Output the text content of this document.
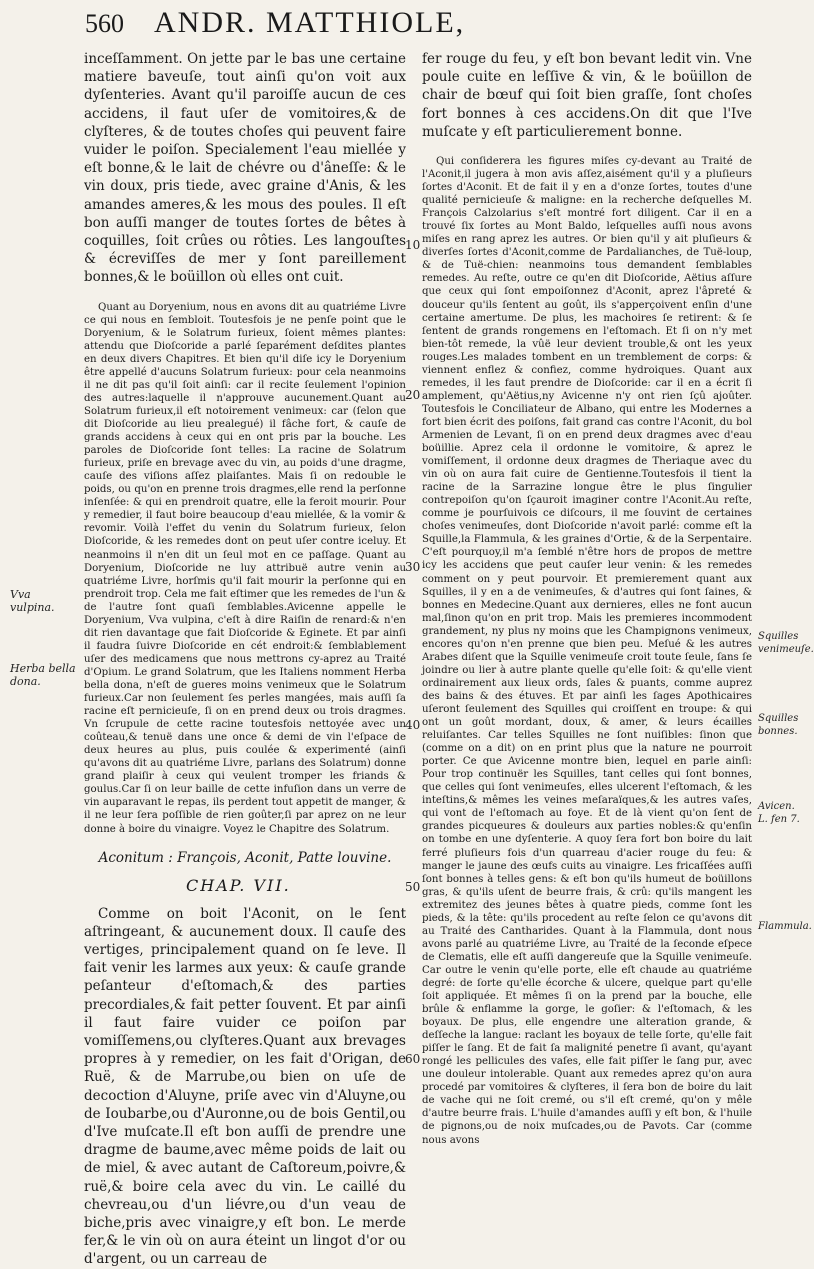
560 ANDR. MATTHIOLE,

inceſſamment. On jette par le bas une certaine matiere baveuſe, tout ainſi qu'on voit aux dyſenteries. Avant qu'il paroiſſe aucun de ces accidens, il faut uſer de vomitoires,& de clyſteres, & de toutes choſes qui peuvent faire vuider le poiſon. Specialement l'eau miellée y eſt bonne,& le lait de chévre ou d'âneſſe: & le vin doux, pris tiede, avec graine d'Anis, & les amandes ameres,& les mous des poules. Il eſt bon auſſi manger de toutes ſortes de bêtes à coquilles, ſoit crûes ou rôties. Les langouſtes & écreviſſes de mer y ſont pareillement bonnes,& le boüillon où elles ont cuit.

Quant au Doryenium, nous en avons dit au quatriéme Livre ce qui nous en ſembloit. Toutesfois je ne penſe point que le Doryenium, & le Solatrum furieux, ſoient mêmes plantes: attendu que Dioſcoride a parlé ſeparément deſdites plantes en deux divers Chapitres. Et bien qu'il diſe icy le Doryenium être appellé d'aucuns Solatrum furieux: pour cela neanmoins il ne dit pas qu'il ſoit ainſi: car il recite ſeulement l'opinion des autres:laquelle il n'approuve aucunement.Quant au Solatrum furieux,il eſt notoirement venimeux: car (ſelon que dit Dioſcoride au lieu prealegué) il fâche fort, & cauſe de grands accidens à ceux qui en ont pris par la bouche. Les paroles de Dioſcoride ſont telles: La racine de Solatrum furieux, priſe en brevage avec du vin, au poids d'une dragme, cauſe des viſions aſſez plaiſantes. Mais ſi on redouble le poids, ou qu'on en prenne trois dragmes,elle rend la perſonne inſenſée: & qui en prendroit quatre, elle la feroit mourir. Pour y remedier, il faut boire beaucoup d'eau miellée, & la vomir & revomir. Voilà l'effet du venin du Solatrum furieux, ſelon Dioſcoride, & les remedes dont on peut uſer contre iceluy. Et neanmoins il n'en dit un ſeul mot en ce paſſage. Quant au Doryenium, Dioſcoride ne luy attribuë autre venin au quatriéme Livre, horſmis qu'il fait mourir la perſonne qui en prendroit trop. Cela me fait eſtimer que les remedes de l'un & de l'autre ſont quaſi ſemblables.Avicenne appelle le Doryenium, Vva vulpina, c'eſt à dire Raiſin de renard:& n'en dit rien davantage que fait Dioſcoride & Eginete. Et par ainſi il faudra ſuivre Dioſcoride en cét endroit:& ſemblablement uſer des medicamens que nous mettrons cy-aprez au Traité d'Opium. Le grand Solatrum, que les Italiens nomment Herba bella dona, n'eſt de gueres moins venimeux que le Solatrum furieux.Car non ſeulement ſes perles mangées, mais auſſi ſa racine eſt pernicieuſe, ſi on en prend deux ou trois dragmes. Vn ſcrupule de cette racine toutesfois nettoyée avec un coûteau,& tenuë dans une once & demi de vin l'eſpace de deux heures au plus, puis coulée & experimenté (ainſi qu'avons dit au quatriéme Livre, parlans des Solatrum) donne grand plaiſir à ceux qui veulent tromper les friands & goulus.Car ſi on leur baille de cette infuſion dans un verre de vin auparavant le repas, ils perdent tout appetit de manger, & il ne leur ſera poſſible de rien goûter,ſi par aprez on ne leur donne à boire du vinaigre. Voyez le Chapitre des Solatrum.

Aconitum : François, Aconit, Patte louvine.

CHAP. VII.

Comme on boit l'Aconit, on le ſent aſtringeant, & aucunement doux. Il cauſe des vertiges, principalement quand on ſe leve. Il fait venir les larmes aux yeux: & cauſe grande peſanteur d'eſtomach,& des parties precordiales,& fait petter ſouvent. Et par ainſi il faut faire vuider ce poiſon par vomiſſemens,ou clyſteres.Quant aux brevages propres à y remedier, on les fait d'Origan, de Ruë, & de Marrube,ou bien on uſe de decoction d'Aluyne, priſe avec vin d'Aluyne,ou de Ioubarbe,ou d'Auronne,ou de bois Gentil,ou d'Ive muſcate.Il eſt bon auſſi de prendre une dragme de baume,avec même poids de lait ou de miel, & avec autant de Caſtoreum,poivre,& ruë,& boire cela avec du vin. Le caillé du chevreau,ou d'un liévre,ou d'un veau de biche,pris avec vinaigre,y eſt bon. Le merde fer,& le vin où on aura éteint un lingot d'or ou d'argent, ou un carreau de

fer rouge du feu, y eſt bon bevant ledit vin. Vne poule cuite en leſſive & vin, & le boüillon de chair de bœuf qui ſoit bien graſſe, ſont choſes fort bonnes à ces accidens.On dit que l'Ive muſcate y eſt particulierement bonne.

Qui conſiderera les figures miſes cy-devant au Traité de l'Aconit,il jugera à mon avis aſſez,aisément qu'il y a pluſieurs ſortes d'Aconit. Et de fait il y en a d'onze ſortes, toutes d'une qualité pernicieuſe & maligne: en la recherche deſquelles M. François Calzolarius s'eſt montré fort diligent. Car il en a trouvé ſix ſortes au Mont Baldo, leſquelles auſſi nous avons miſes en rang aprez les autres. Or bien qu'il y ait pluſieurs & diverſes ſortes d'Aconit,comme de Pardalianches, de Tuë-loup, & de Tuë-chien: neanmoins tous demandent ſemblables remedes. Au reſte, outre ce qu'en dit Dioſcoride, Aëtius aſſure que ceux qui ſont empoiſonnez d'Aconit, aprez l'âpreté & douceur qu'ils ſentent au goût, ils s'apperçoivent enſin d'une certaine amertume. De plus, les machoires ſe retirent: & ſe ſentent de grands rongemens en l'eſtomach. Et ſi on n'y met bien-tôt remede, la vûë leur devient trouble,& ont les yeux rouges.Les malades tombent en un tremblement de corps: & viennent enflez & confiez, comme hydroiques. Quant aux remedes, il les faut prendre de Dioſcoride: car il en a écrit ſi amplement, qu'Aëtius,ny Avicenne n'y ont rien ſçû ajoûter. Toutesfois le Conciliateur de Albano, qui entre les Modernes a fort bien écrit des poiſons, fait grand cas contre l'Aconit, du bol Armenien de Levant, ſi on en prend deux dragmes avec d'eau boüillie. Aprez cela il ordonne le vomitoire, & aprez le vomiſſement, il ordonne deux dragmes de Theriaque avec du vin où on aura fait cuire de Gentienne.Toutesfois il tient la racine de la Sarrazine longue être le plus ſingulier contrepoiſon qu'on ſçauroit imaginer contre l'Aconit.Au reſte, comme je pourſuivois ce diſcours, il me ſouvint de certaines choſes venimeuſes, dont Dioſcoride n'avoit parlé: comme eſt la Squille,la Flammula, & les graines d'Ortie, & de la Serpentaire. C'eſt pourquoy,il m'a ſemblé n'être hors de propos de mettre icy les accidens que peut cauſer leur venin: & les remedes comment on y peut pourvoir. Et premierement quant aux Squilles, il y en a de venimeuſes, & d'autres qui ſont ſaines, & bonnes en Medecine.Quant aux dernieres, elles ne font aucun mal,ſinon qu'on en prit trop. Mais les premieres incommodent grandement, ny plus ny moins que les Champignons venimeux, encores qu'on n'en prenne que bien peu. Meſué & les autres Arabes diſent que la Squille venimeuſe croit toute ſeule, ſans ſe joindre ou lier à autre plante quelle qu'elle ſoit: & qu'elle vient ordinairement aux lieux ords, ſales & puants, comme auprez des bains & des étuves. Et par ainſi les ſages Apothicaires uſeront ſeulement des Squilles qui croiſſent en troupe: & qui ont un goût mordant, doux, & amer, & leurs écailles reluiſantes. Car telles Squilles ne ſont nuiſibles: ſinon que (comme on a dit) on en print plus que la nature ne pourroit porter. Ce que Avicenne montre bien, lequel en parle ainſi: Pour trop continuër les Squilles, tant celles qui ſont bonnes, que celles qui ſont venimeuſes, elles ulcerent l'eſtomach, & les inteſtins,& mêmes les veines meſaraïques,& les autres vaſes, qui vont de l'eſtomach au foye. Et de là vient qu'on ſent de grandes picqueures & douleurs aux parties nobles:& qu'enſin on tombe en une dyſenterie. A quoy ſera fort bon boire du lait ferré pluſieurs fois d'un quarreau d'acier rouge du feu: & manger le jaune des œufs cuits au vinaigre. Les fricaſſées auſſi ſont bonnes à telles gens: & eſt bon qu'ils humeut de boüillons gras, & qu'ils uſent de beurre frais, & crû: qu'ils mangent les extremitez des jeunes bêtes à quatre pieds, comme ſont les pieds, & la tête: qu'ils procedent au reſte ſelon ce qu'avons dit au Traité des Cantharides. Quant à la Flammula, dont nous avons parlé au quatriéme Livre, au Traité de la ſeconde eſpece de Clematis, elle eſt auſſi dangereuſe que la Squille venimeuſe. Car outre le venin qu'elle porte, elle eſt chaude au quatriéme degré: de ſorte qu'elle écorche & ulcere, quelque part qu'elle ſoit appliquée. Et mêmes ſi on la prend par la bouche, elle brûle & enflamme la gorge, le goſier: & l'eſtomach, & les boyaux. De plus, elle engendre une alteration grande, & deſſeche la langue: raclant les boyaux de telle ſorte, qu'elle fait piſſer le ſang. Et de fait ſa malignité penetre ſi avant, qu'ayant rongé les pellicules des vaſes, elle fait piſſer le ſang pur, avec une douleur intolerable. Quant aux remedes aprez qu'on aura procedé par vomitoires & clyſteres, il ſera bon de boire du lait de vache qui ne ſoit cremé, ou s'il eſt cremé, qu'on y mêle d'autre beurre frais. L'huile d'amandes auſſi y eſt bon, & l'huile de pignons,ou de noix muſcades,ou de Pavots. Car (comme nous avons

Vva vulpina.
Herba bella dona.
Squilles venimeuſe.
Squilles bonnes.
Avicen. L. fen 7.
Flammula.
10
20
30
40
50
60
